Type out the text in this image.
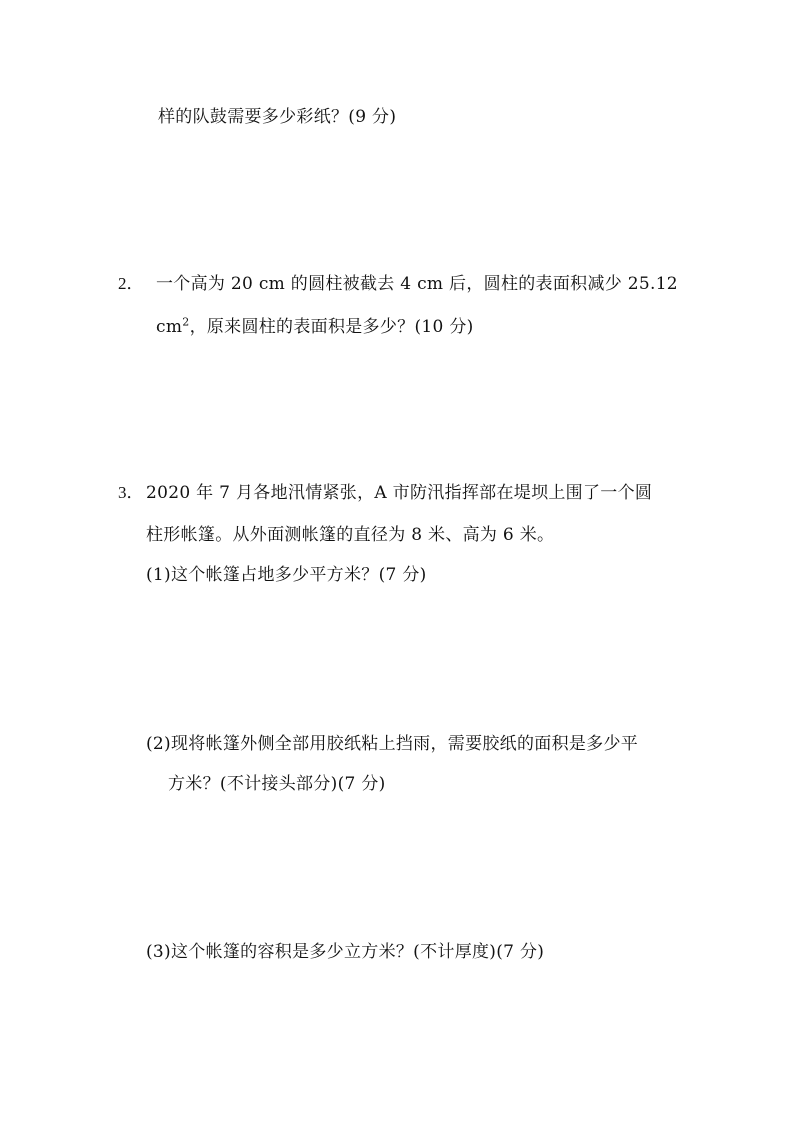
样的队鼓需要多少彩纸？(9 分)
2． 一个高为 20 cm 的圆柱被截去 4 cm 后，圆柱的表面积减少 25.12
$cm^2$，原来圆柱的表面积是多少？(10 分)
3． 2020 年 7 月各地汛情紧张，A 市防汛指挥部在堤坝上围了一个圆
柱形帐篷。从外面测帐篷的直径为 8 米、高为 6 米。
(1)这个帐篷占地多少平方米？(7 分)
(2)现将帐篷外侧全部用胶纸粘上挡雨，需要胶纸的面积是多少平
方米？(不计接头部分)(7 分)
(3)这个帐篷的容积是多少立方米？(不计厚度)(7 分)
